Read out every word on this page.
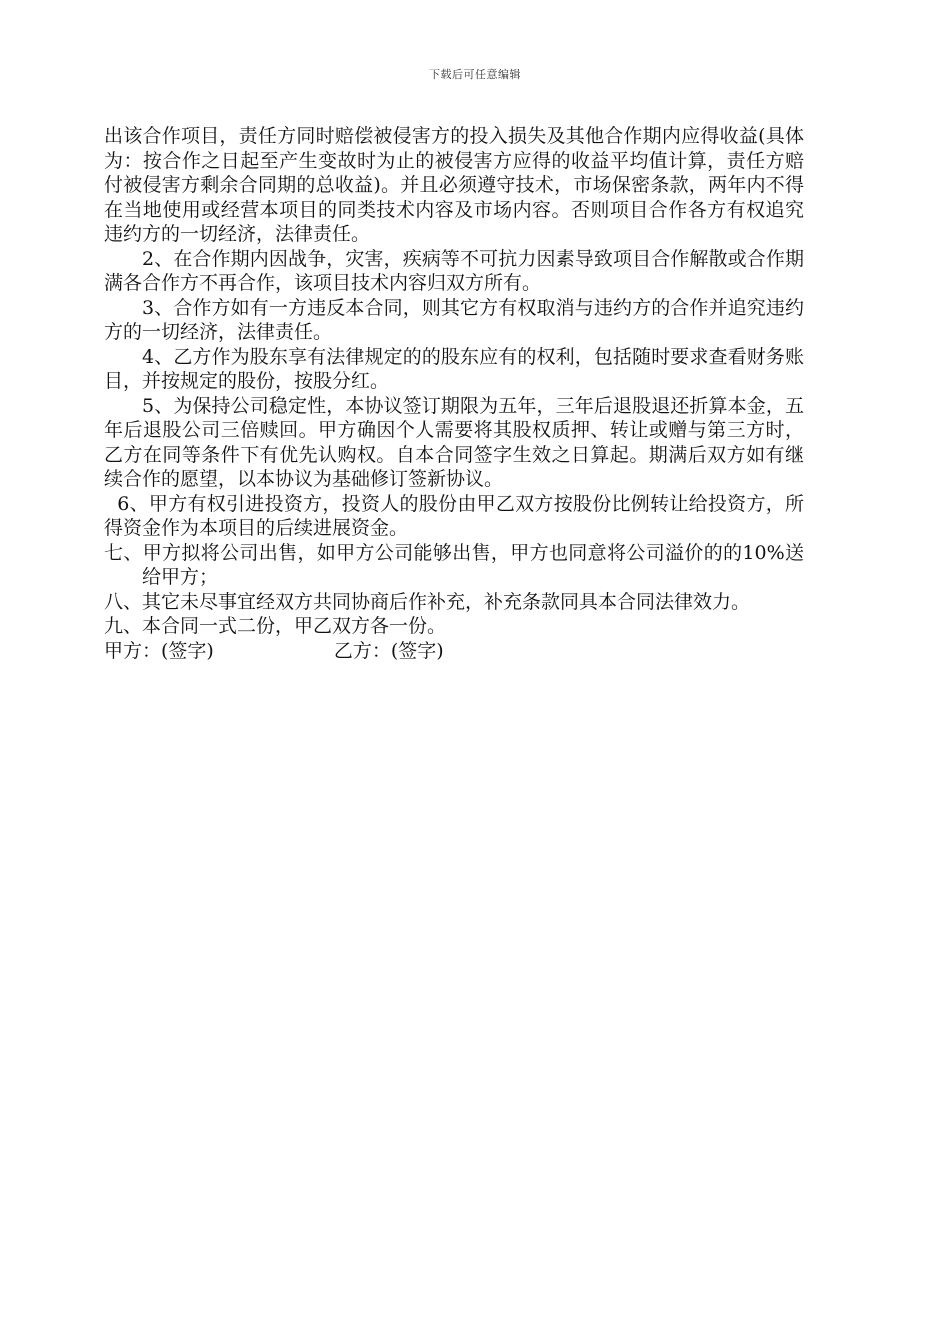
下载后可任意编辑

出该合作项目，责任方同时赔偿被侵害方的投入损失及其他合作期内应得收益(具体为：按合作之日起至产生变故时为止的被侵害方应得的收益平均值计算，责任方赔付被侵害方剩余合同期的总收益)。并且必须遵守技术，市场保密条款，两年内不得在当地使用或经营本项目的同类技术内容及市场内容。否则项目合作各方有权追究违约方的一切经济，法律责任。

2、在合作期内因战争，灾害，疾病等不可抗力因素导致项目合作解散或合作期满各合作方不再合作，该项目技术内容归双方所有。

3、合作方如有一方违反本合同，则其它方有权取消与违约方的合作并追究违约方的一切经济，法律责任。

4、乙方作为股东享有法律规定的的股东应有的权利，包括随时要求查看财务账目，并按规定的股份，按股分红。

5、为保持公司稳定性，本协议签订期限为五年，三年后退股退还折算本金，五年后退股公司三倍赎回。甲方确因个人需要将其股权质押、转让或赠与第三方时，乙方在同等条件下有优先认购权。自本合同签字生效之日算起。期满后双方如有继续合作的愿望，以本协议为基础修订签新协议。

6、甲方有权引进投资方，投资人的股份由甲乙双方按股份比例转让给投资方，所得资金作为本项目的后续进展资金。

七、甲方拟将公司出售，如甲方公司能够出售，甲方也同意将公司溢价的的10%送给甲方；

八、其它未尽事宜经双方共同协商后作补充，补充条款同具本合同法律效力。

九、本合同一式二份，甲乙双方各一份。

甲方：(签字)	乙方：(签字)
